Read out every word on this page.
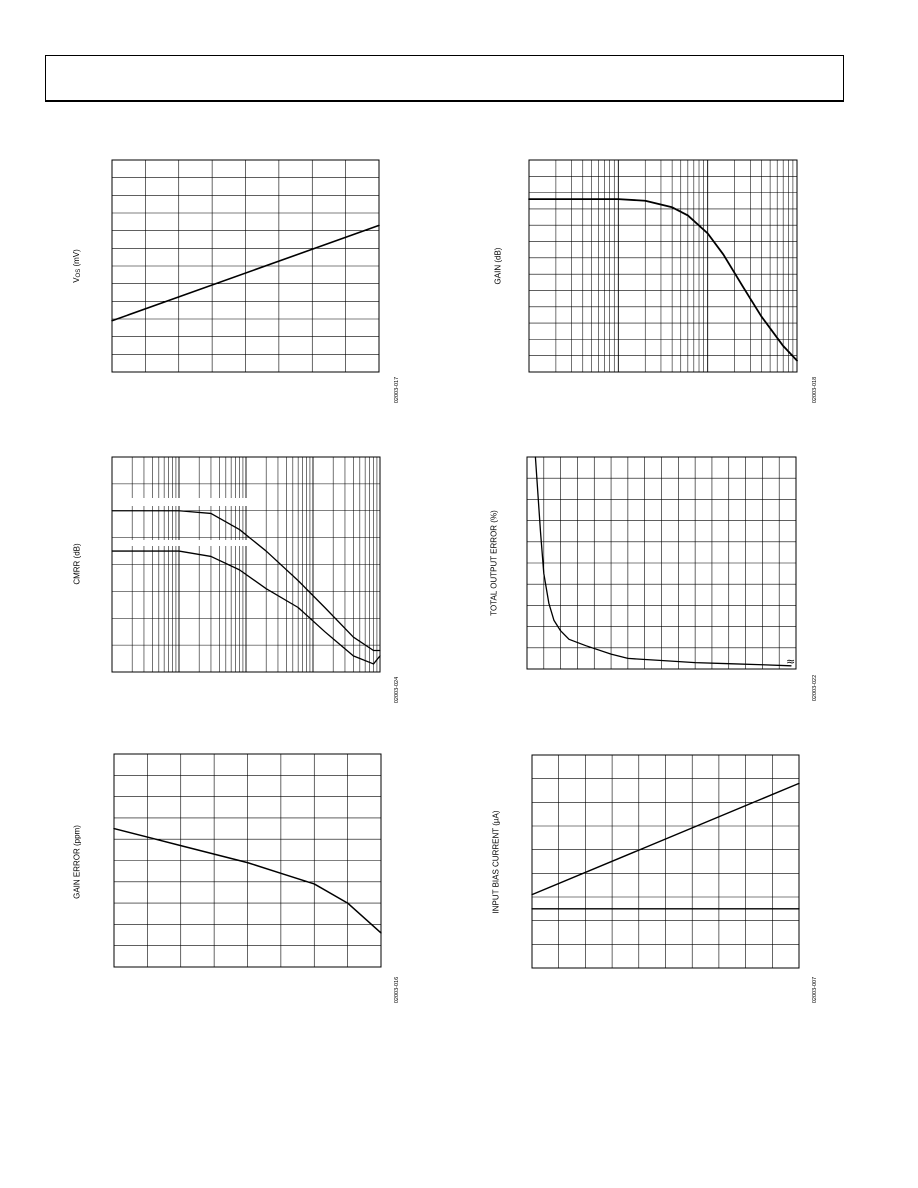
VOS (mV)
02003-017
GAIN (dB)
02003-018
CMRR (dB)
02003-024
≈
TOTAL OUTPUT ERROR (%)
02003-022
GAIN ERROR (ppm)
02003-016
INPUT BIAS CURRENT (µA)
02003-007
